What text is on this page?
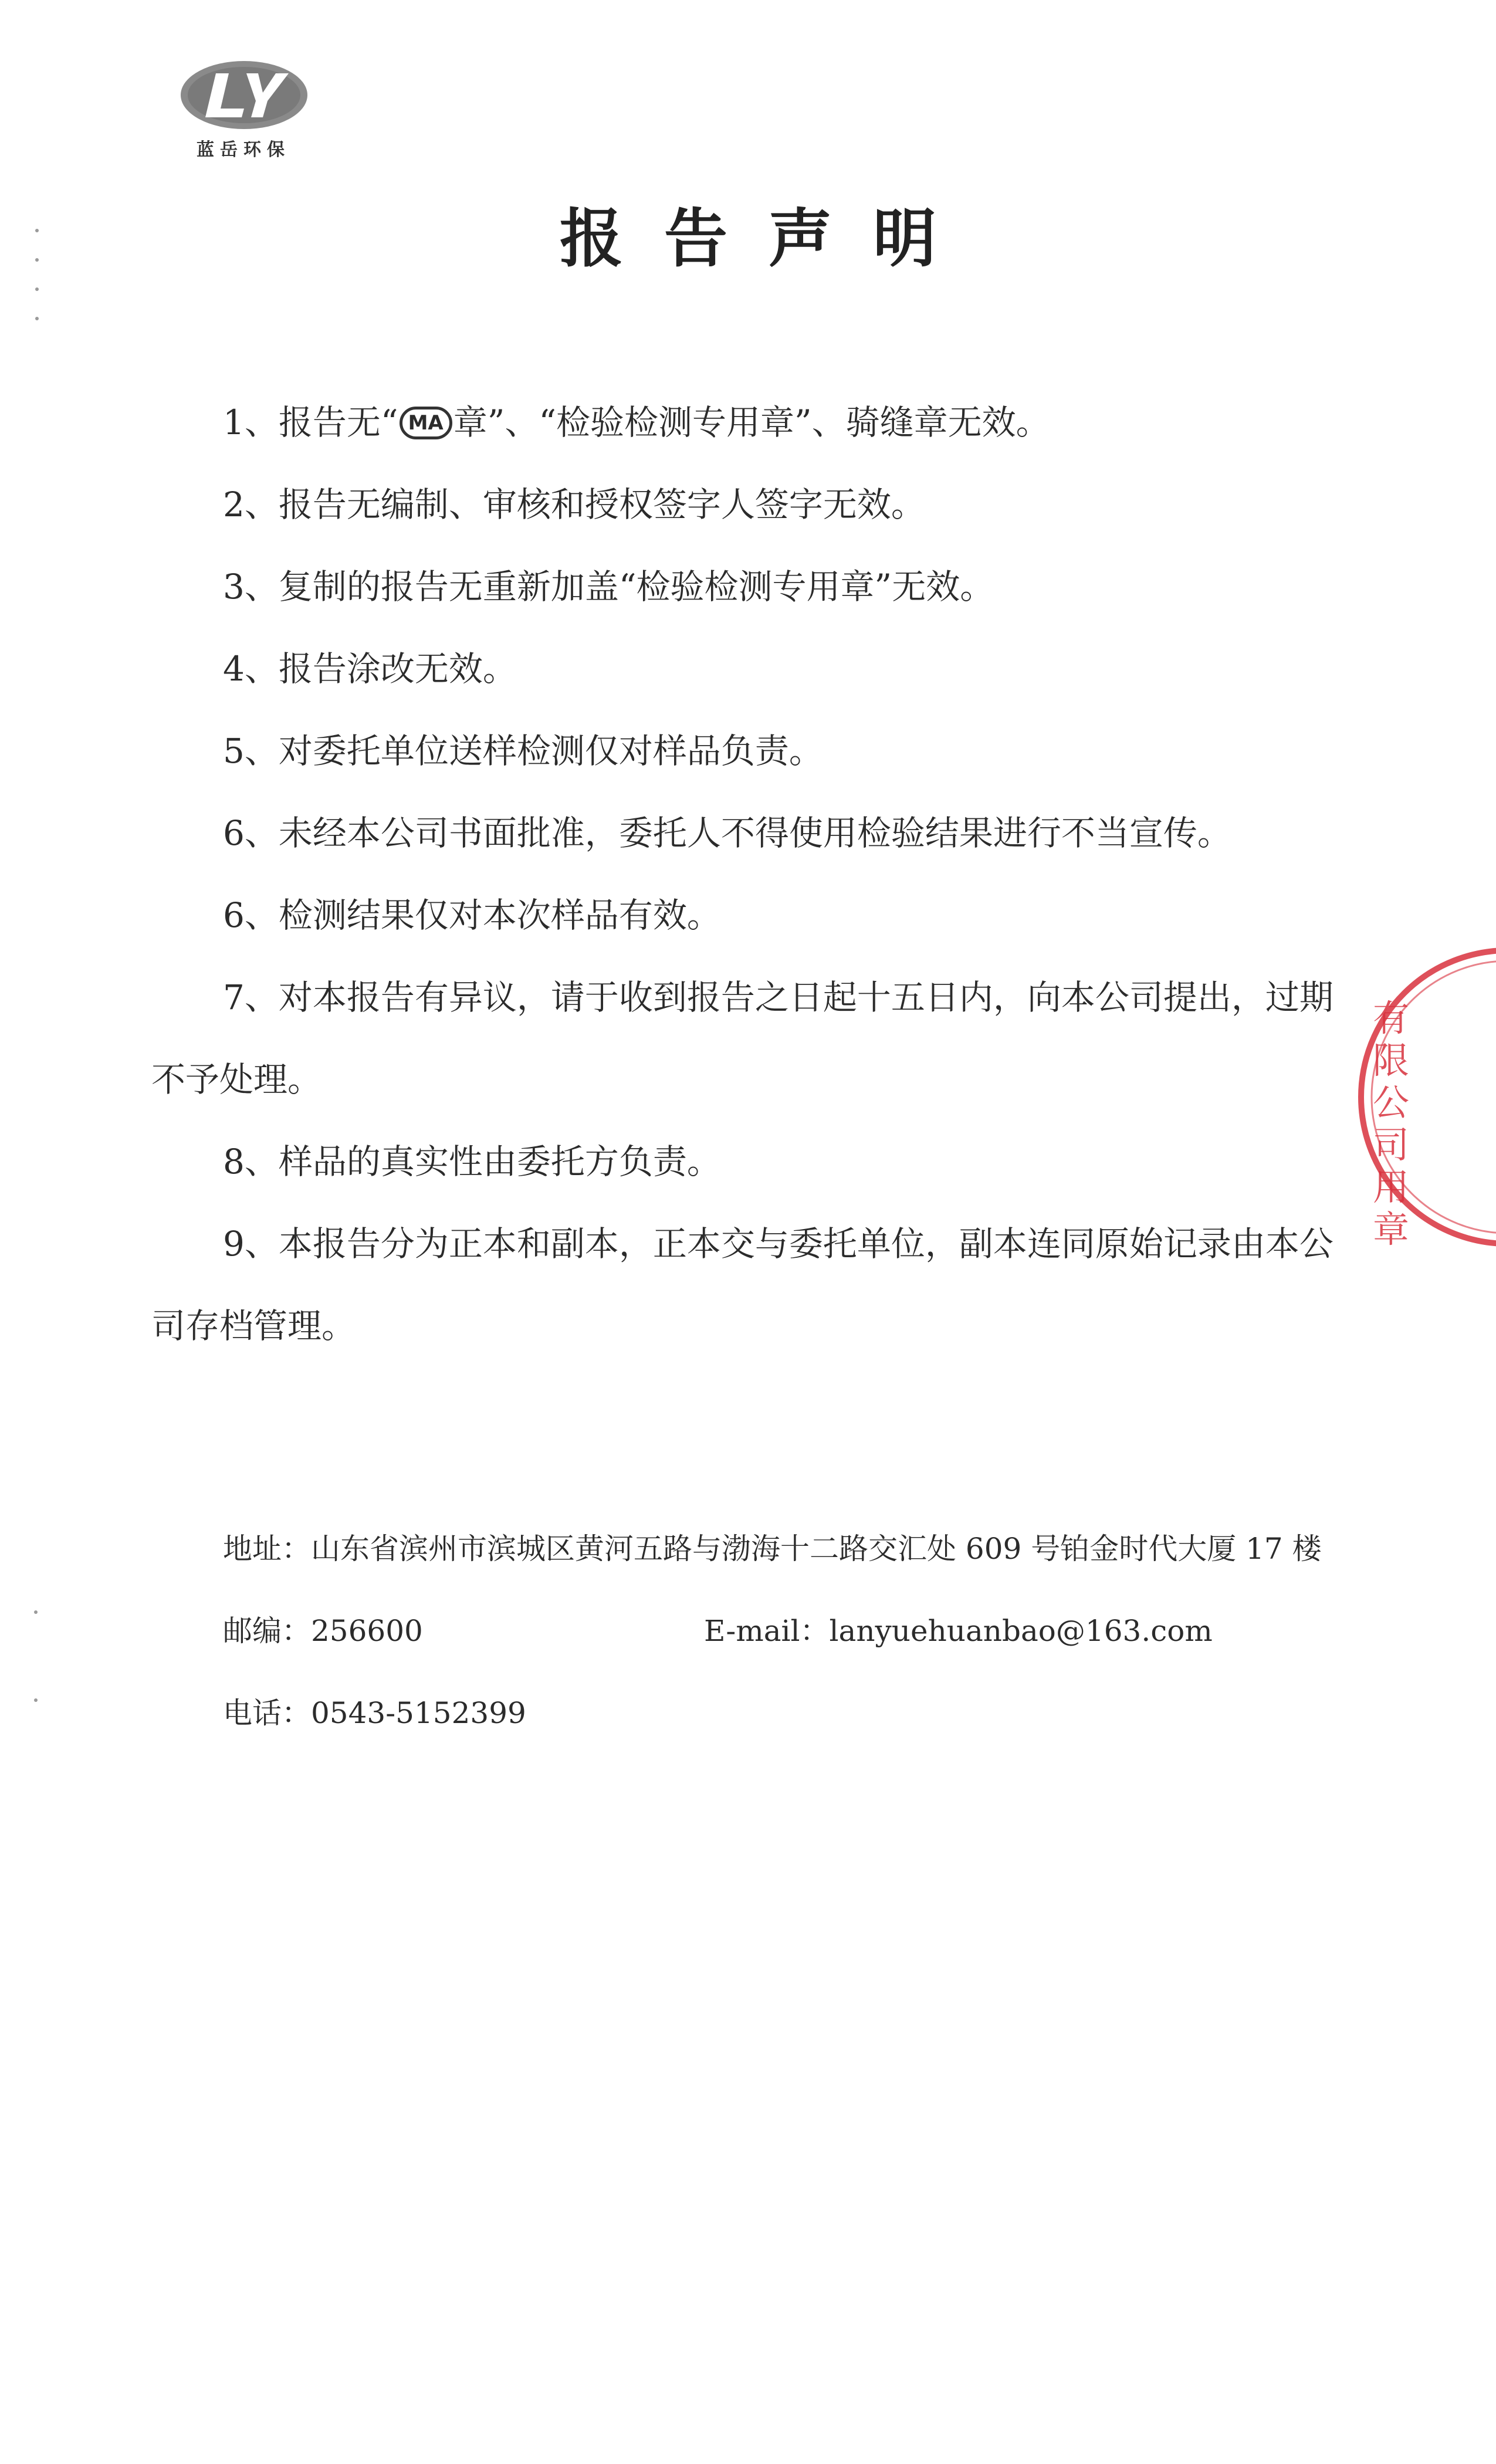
蓝岳环保
报告声明
1、报告无“ MA 章”、“检验检测专用章”、骑缝章无效。
2、报告无编制、审核和授权签字人签字无效。
3、复制的报告无重新加盖“检验检测专用章”无效。
4、报告涂改无效。
5、对委托单位送样检测仅对样品负责。
6、未经本公司书面批准，委托人不得使用检验结果进行不当宣传。
6、检测结果仅对本次样品有效。
7、对本报告有异议，请于收到报告之日起十五日内，向本公司提出，过期不予处理。
8、样品的真实性由委托方负责。
9、本报告分为正本和副本，正本交与委托单位，副本连同原始记录由本公司存档管理。
有限公司用章
地址：山东省滨州市滨城区黄河五路与渤海十二路交汇处 609 号铂金时代大厦 17 楼
邮编：256600	E-mail：lanyuehuanbao@163.com
电话：0543-5152399
